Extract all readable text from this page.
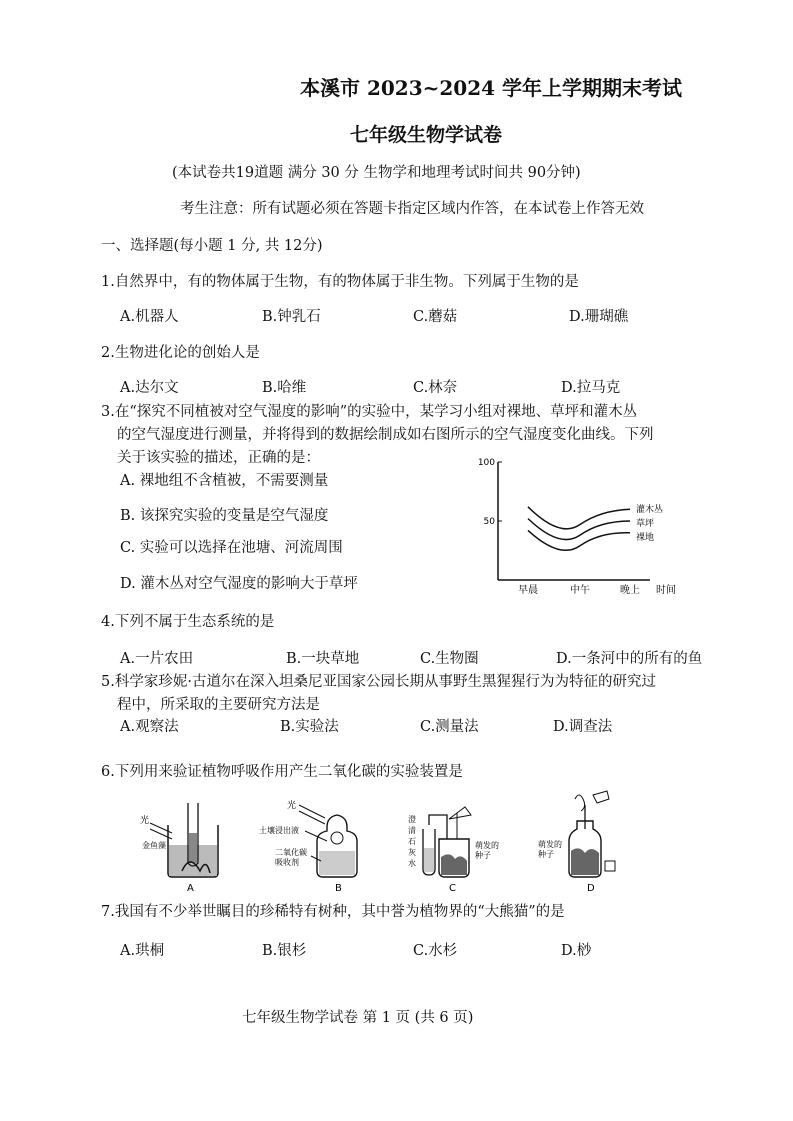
本溪市 2023~2024 学年上学期期末考试
七年级生物学试卷
(本试卷共19道题 满分 30 分 生物学和地理考试时间共 90分钟)
考生注意：所有试题必须在答题卡指定区域内作答，在本试卷上作答无效
一、选择题(每小题 1 分, 共 12分)
1.自然界中，有的物体属于生物，有的物体属于非生物。下列属于生物的是
A.机器人	B.钟乳石	C.蘑菇	D.珊瑚礁
2.生物进化论的创始人是
A.达尔文	B.哈维	C.林奈	D.拉马克
3.在“探究不同植被对空气湿度的影响”的实验中，某学习小组对裸地、草坪和灌木丛
的空气湿度进行测量，并将得到的数据绘制成如右图所示的空气湿度变化曲线。下列
关于该实验的描述，正确的是：
A. 裸地组不含植被，不需要测量
B. 该探究实验的变量是空气湿度
C. 实验可以选择在池塘、河流周围
D. 灌木丛对空气湿度的影响大于草坪
100
50
早晨	中午	晚上 时间
灌木丛
草坪
裸地
4.下列不属于生态系统的是
A.一片农田	B.一块草地	C.生物圈	D.一条河中的所有的鱼
5.科学家珍妮·古道尔在深入坦桑尼亚国家公园长期从事野生黑猩猩行为为特征的研究过
程中，所采取的主要研究方法是
A.观察法	B.实验法	C.测量法	D.调查法
6.下列用来验证植物呼吸作用产生二氧化碳的实验装置是
光
金鱼藻
A
光
土壤浸出液
二氧化碳
吸收剂
B
澄
清
石
灰
水
萌发的
种子
C
萌发的
种子
D
7.我国有不少举世瞩目的珍稀特有树种，其中誉为植物界的“大熊猫”的是
A.珙桐	B.银杉	C.水杉	D.桫
七年级生物学试卷 第 1 页 (共 6 页)
